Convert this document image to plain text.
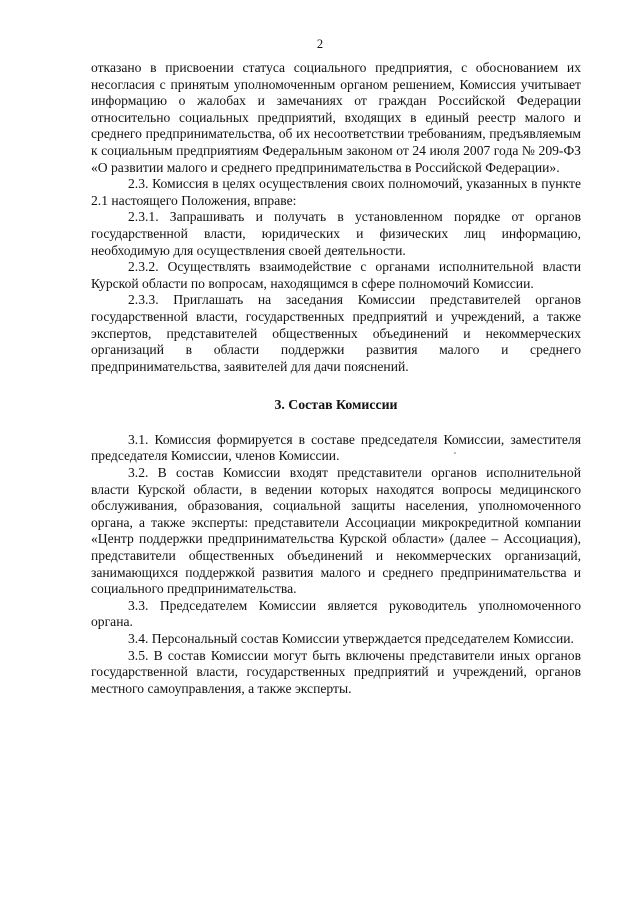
2

отказано в присвоении статуса социального предприятия, с обоснованием их несогласия с принятым уполномоченным органом решением, Комиссия учитывает информацию о жалобах и замечаниях от граждан Российской Федерации относительно социальных предприятий, входящих в единый реестр малого и среднего предпринимательства, об их несоответствии требованиям, предъявляемым к социальным предприятиям Федеральным законом от 24 июля 2007 года № 209-ФЗ «О развитии малого и среднего предпринимательства в Российской Федерации».

2.3. Комиссия в целях осуществления своих полномочий, указанных в пункте 2.1 настоящего Положения, вправе:

2.3.1. Запрашивать и получать в установленном порядке от органов государственной власти, юридических и физических лиц информацию, необходимую для осуществления своей деятельности.

2.3.2. Осуществлять взаимодействие с органами исполнительной власти Курской области по вопросам, находящимся в сфере полномочий Комиссии.

2.3.3. Приглашать на заседания Комиссии представителей органов государственной власти, государственных предприятий и учреждений, а также экспертов, представителей общественных объединений и некоммерческих организаций в области поддержки развития малого и среднего предпринимательства, заявителей для дачи пояснений.

3. Состав Комиссии

3.1. Комиссия формируется в составе председателя Комиссии, заместителя председателя Комиссии, членов Комиссии.

3.2. В состав Комиссии входят представители органов исполнительной власти Курской области, в ведении которых находятся вопросы медицинского обслуживания, образования, социальной защиты населения, уполномоченного органа, а также эксперты: представители Ассоциации микрокредитной компании «Центр поддержки предпринимательства Курской области» (далее – Ассоциация), представители общественных объединений и некоммерческих организаций, занимающихся поддержкой развития малого и среднего предпринимательства и социального предпринимательства.

3.3. Председателем Комиссии является руководитель уполномоченного органа.

3.4. Персональный состав Комиссии утверждается председателем Комиссии.

3.5. В состав Комиссии могут быть включены представители иных органов государственной власти, государственных предприятий и учреждений, органов местного самоуправления, а также эксперты.
